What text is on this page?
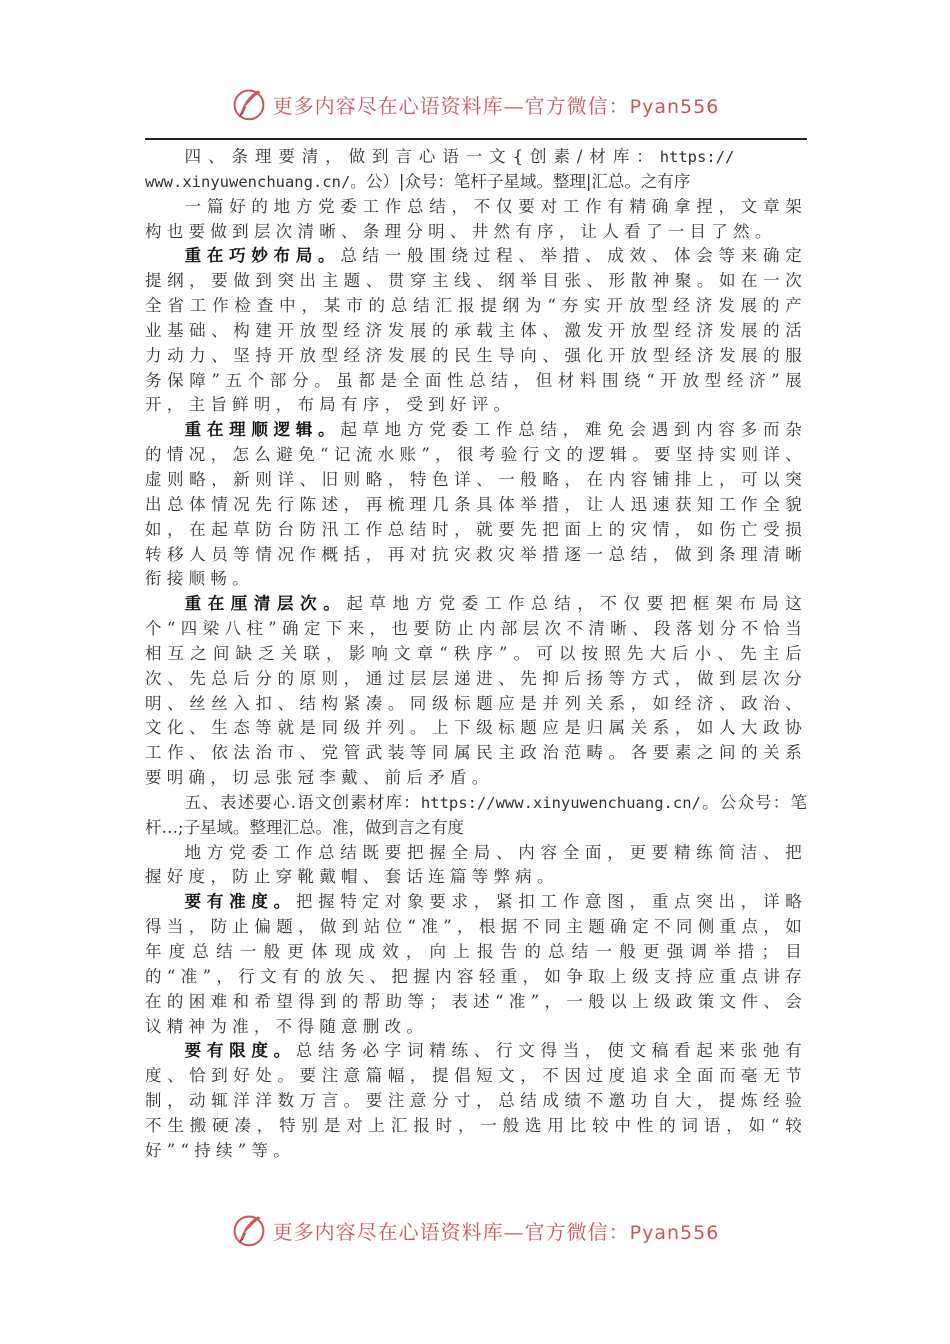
更多内容尽在心语资料库—官方微信：Pyan556

四、条理要清，做到言心语一文{创素/材库：https://

www.xinyuwenchuang.cn/。公）|众号：笔杆子星域。整理|汇总。之有序

一篇好的地方党委工作总结，不仅要对工作有精确拿捏，文章架构也要做到层次清晰、条理分明、井然有序，让人看了一目了然。

重在巧妙布局。总结一般围绕过程、举措、成效、体会等来确定提纲，要做到突出主题、贯穿主线、纲举目张、形散神聚。如在一次全省工作检查中，某市的总结汇报提纲为“夯实开放型经济发展的产业基础、构建开放型经济发展的承载主体、激发开放型经济发展的活力动力、坚持开放型经济发展的民生导向、强化开放型经济发展的服务保障”五个部分。虽都是全面性总结，但材料围绕“开放型经济”展开，主旨鲜明，布局有序，受到好评。

重在理顺逻辑。起草地方党委工作总结，难免会遇到内容多而杂的情况，怎么避免“记流水账”，很考验行文的逻辑。要坚持实则详、虚则略，新则详、旧则略，特色详、一般略，在内容铺排上，可以突出总体情况先行陈述，再梳理几条具体举措，让人迅速获知工作全貌如，在起草防台防汛工作总结时，就要先把面上的灾情，如伤亡受损转移人员等情况作概括，再对抗灾救灾举措逐一总结，做到条理清晰衔接顺畅。

重在厘清层次。起草地方党委工作总结，不仅要把框架布局这个“四梁八柱”确定下来，也要防止内部层次不清晰、段落划分不恰当相互之间缺乏关联，影响文章“秩序”。可以按照先大后小、先主后次、先总后分的原则，通过层层递进、先抑后扬等方式，做到层次分明、丝丝入扣、结构紧凑。同级标题应是并列关系，如经济、政治、文化、生态等就是同级并列。上下级标题应是归属关系，如人大政协工作、依法治市、党管武装等同属民主政治范畴。各要素之间的关系要明确，切忌张冠李戴、前后矛盾。

五、表述要心.语文创素材库：https://www.xinyuwenchuang.cn/。公众号：笔杆…;子星域。整理汇总。准，做到言之有度

地方党委工作总结既要把握全局、内容全面，更要精练简洁、把握好度，防止穿靴戴帽、套话连篇等弊病。

要有准度。把握特定对象要求，紧扣工作意图，重点突出，详略得当，防止偏题，做到站位“准”，根据不同主题确定不同侧重点，如年度总结一般更体现成效，向上报告的总结一般更强调举措；目的“准”，行文有的放矢、把握内容轻重，如争取上级支持应重点讲存在的困难和希望得到的帮助等；表述“准”，一般以上级政策文件、会议精神为准，不得随意删改。

要有限度。总结务必字词精练、行文得当，使文稿看起来张弛有度、恰到好处。要注意篇幅，提倡短文，不因过度追求全面而毫无节制，动辄洋洋数万言。要注意分寸，总结成绩不邀功自大，提炼经验不生搬硬凑，特别是对上汇报时，一般选用比较中性的词语，如“较好”“持续”等。

更多内容尽在心语资料库—官方微信：Pyan556
